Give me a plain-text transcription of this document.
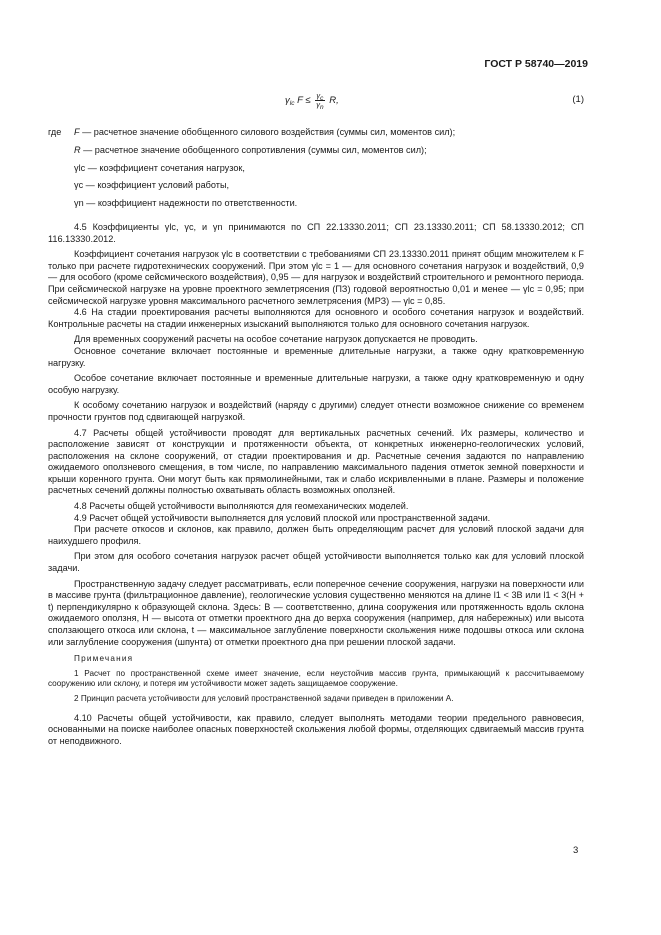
ГОСТ Р 58740—2019
$\gamma_{lc}$ $F \le \frac{\gamma_c}{\gamma_n} R$,	(1)
где	F — расчетное значение обобщенного силового воздействия (суммы сил, моментов сил);
R — расчетное значение обобщенного сопротивления (суммы сил, моментов сил);
γlc — коэффициент сочетания нагрузок,
γc — коэффициент условий работы,
γn — коэффициент надежности по ответственности.

4.5 Коэффициенты γlc, γc, и γn принимаются по СП 22.13330.2011; СП 23.13330.2011; СП 58.13330.2012; СП 116.13330.2012.

Коэффициент сочетания нагрузок γlc в соответствии с требованиями СП 23.13330.2011 принят общим множителем к F только при расчете гидротехнических сооружений. При этом γlc = 1 — для основного сочетания нагрузок и воздействий, 0,9 — для особого (кроме сейсмического воздействия), 0,95 — для нагрузок и воздействий строительного и ремонтного периода. При сейсмической нагрузке на уровне проектного землетрясения (ПЗ) годовой вероятностью 0,01 и менее — γlc = 0,95; при сейсмической нагрузке уровня максимального расчетного землетрясения (МРЗ) — γlc = 0,85.

4.6 На стадии проектирования расчеты выполняются для основного и особого сочетания нагрузок и воздействий. Контрольные расчеты на стадии инженерных изысканий выполняются только для основного сочетания нагрузок.

Для временных сооружений расчеты на особое сочетание нагрузок допускается не проводить.

Основное сочетание включает постоянные и временные длительные нагрузки, а также одну кратковременную нагрузку.

Особое сочетание включает постоянные и временные длительные нагрузки, а также одну кратковременную и одну особую нагрузку.

К особому сочетанию нагрузок и воздействий (наряду с другими) следует отнести возможное снижение со временем прочности грунтов под сдвигающей нагрузкой.

4.7 Расчеты общей устойчивости проводят для вертикальных расчетных сечений. Их размеры, количество и расположение зависят от конструкции и протяженности объекта, от конкретных инженерно-геологических условий, расположения на склоне сооружений, от стадии проектирования и др. Расчетные сечения задаются по направлению ожидаемого оползневого смещения, в том числе, по направлению максимального падения отметок земной поверхности и крыши коренного грунта. Они могут быть как прямолинейными, так и слабо искривленными в плане. Размеры и положение расчетных сечений должны полностью охватывать область возможных оползней.

4.8 Расчеты общей устойчивости выполняются для геомеханических моделей.

4.9 Расчет общей устойчивости выполняется для условий плоской или пространственной задачи.

При расчете откосов и склонов, как правило, должен быть определяющим расчет для условий плоской задачи для наихудшего профиля.

При этом для особого сочетания нагрузок расчет общей устойчивости выполняется только как для условий плоской задачи.

Пространственную задачу следует рассматривать, если поперечное сечение сооружения, нагрузки на поверхности или в массиве грунта (фильтрационное давление), геологические условия существенно меняются на длине l1 < 3B или l1 < 3(H + t) перпендикулярно к образующей склона. Здесь: B — соответственно, длина сооружения или протяженность вдоль склона ожидаемого оползня, H — высота от отметки проектного дна до верха сооружения (например, для набережных) или высота сползающего откоса или склона, t — максимальное заглубление поверхности скольжения ниже подошвы откоса или склона или заглубление сооружения (шпунта) от отметки проектного дна при решении плоской задачи.

Примечания

1 Расчет по пространственной схеме имеет значение, если неустойчив массив грунта, примыкающий к рассчитываемому сооружению или склону, и потеря им устойчивости может задеть защищаемое сооружение.

2 Принцип расчета устойчивости для условий пространственной задачи приведен в приложении А.

4.10 Расчеты общей устойчивости, как правило, следует выполнять методами теории предельного равновесия, основанными на поиске наиболее опасных поверхностей скольжения любой формы, отделяющих сдвигаемый массив грунта от неподвижного.

3
